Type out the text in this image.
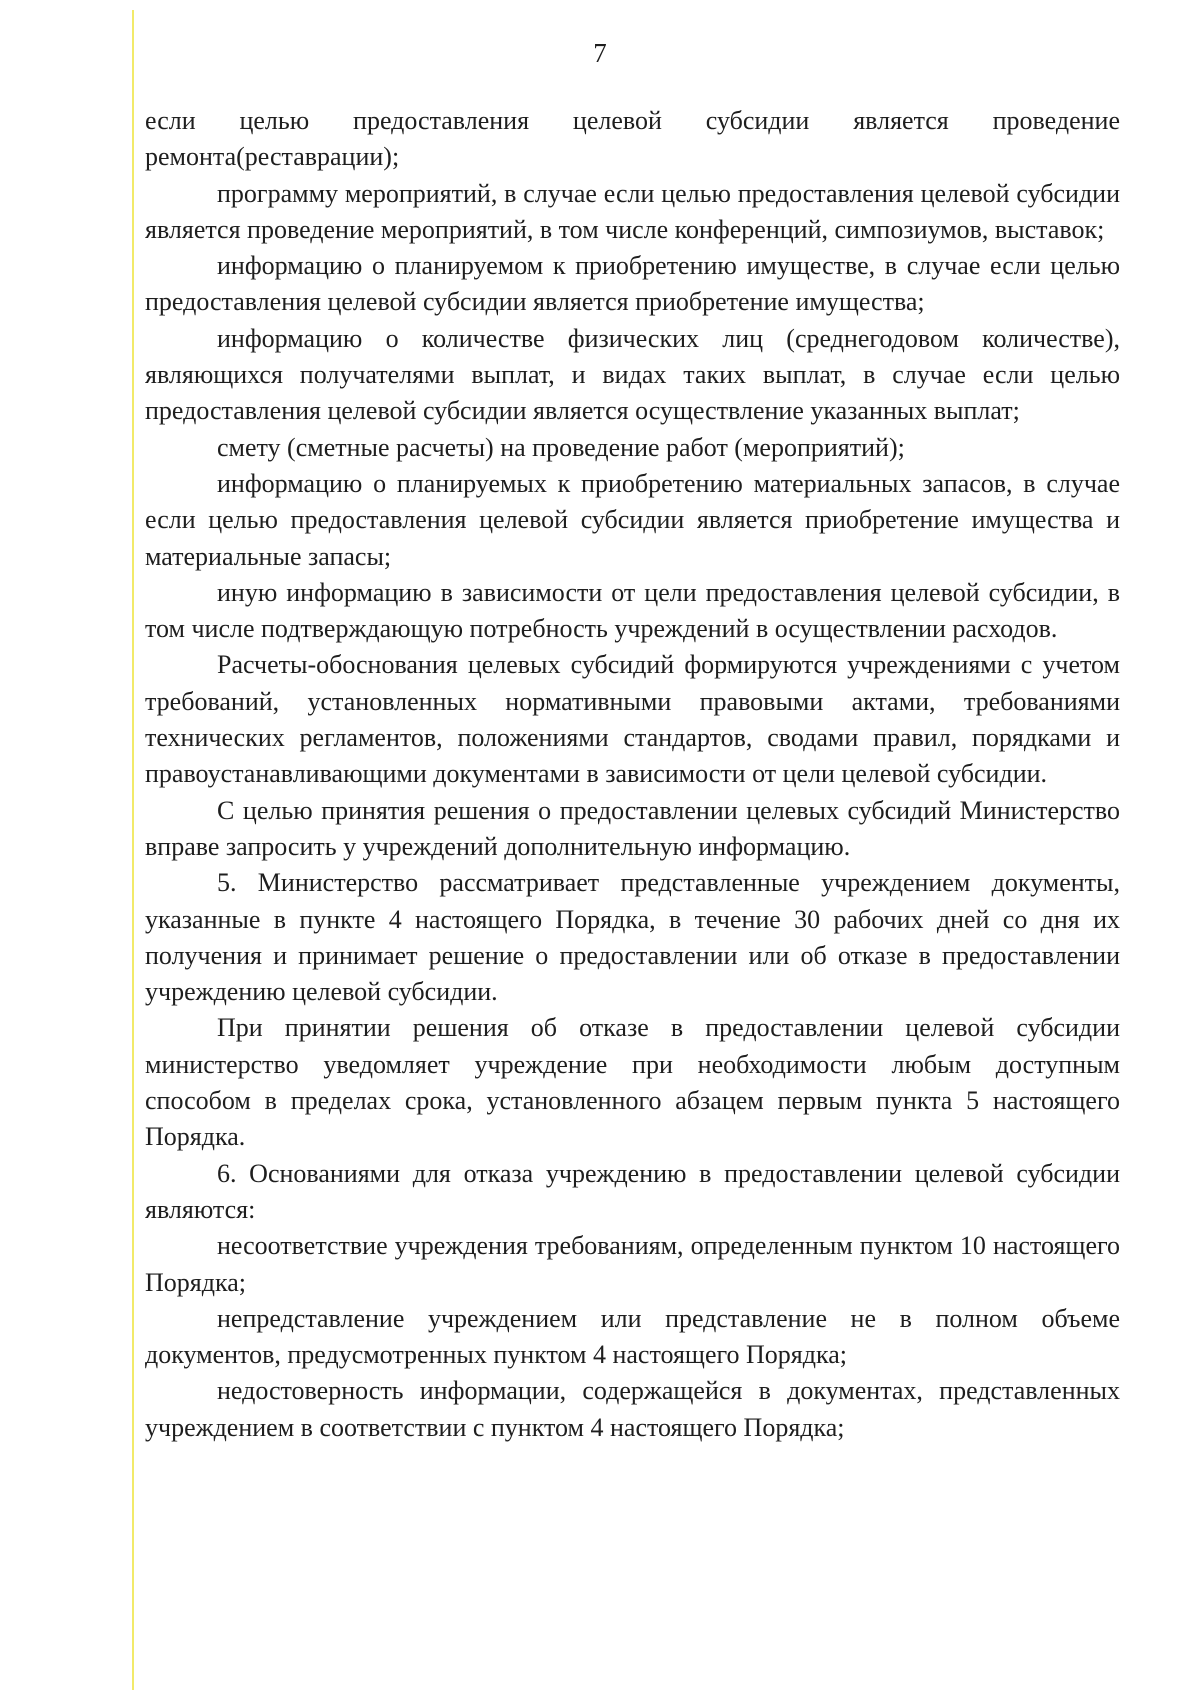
7

если целью предоставления целевой субсидии является проведение ремонта(реставрации);

программу мероприятий, в случае если целью предоставления целевой субсидии является проведение мероприятий, в том числе конференций, симпозиумов, выставок;

информацию о планируемом к приобретению имуществе, в случае если целью предоставления целевой субсидии является приобретение имущества;

информацию о количестве физических лиц (среднегодовом количестве), являющихся получателями выплат, и видах таких выплат, в случае если целью предоставления целевой субсидии является осуществление указанных выплат;

смету (сметные расчеты) на проведение работ (мероприятий);

информацию о планируемых к приобретению материальных запасов, в случае если целью предоставления целевой субсидии является приобретение имущества и материальные запасы;

иную информацию в зависимости от цели предоставления целевой субсидии, в том числе подтверждающую потребность учреждений в осуществлении расходов.

Расчеты-обоснования целевых субсидий формируются учреждениями с учетом требований, установленных нормативными правовыми актами, требованиями технических регламентов, положениями стандартов, сводами правил, порядками и правоустанавливающими документами в зависимости от цели целевой субсидии.

С целью принятия решения о предоставлении целевых субсидий Министерство вправе запросить у учреждений дополнительную информацию.

5. Министерство рассматривает представленные учреждением документы, указанные в пункте 4 настоящего Порядка, в течение 30 рабочих дней со дня их получения и принимает решение о предоставлении или об отказе в предоставлении учреждению целевой субсидии.

При принятии решения об отказе в предоставлении целевой субсидии министерство уведомляет учреждение при необходимости любым доступным способом в пределах срока, установленного абзацем первым пункта 5 настоящего Порядка.

6. Основаниями для отказа учреждению в предоставлении целевой субсидии являются:

несоответствие учреждения требованиям, определенным пунктом 10 настоящего Порядка;

непредставление учреждением или представление не в полном объеме документов, предусмотренных пунктом 4 настоящего Порядка;

недостоверность информации, содержащейся в документах, представленных учреждением в соответствии с пунктом 4 настоящего Порядка;
